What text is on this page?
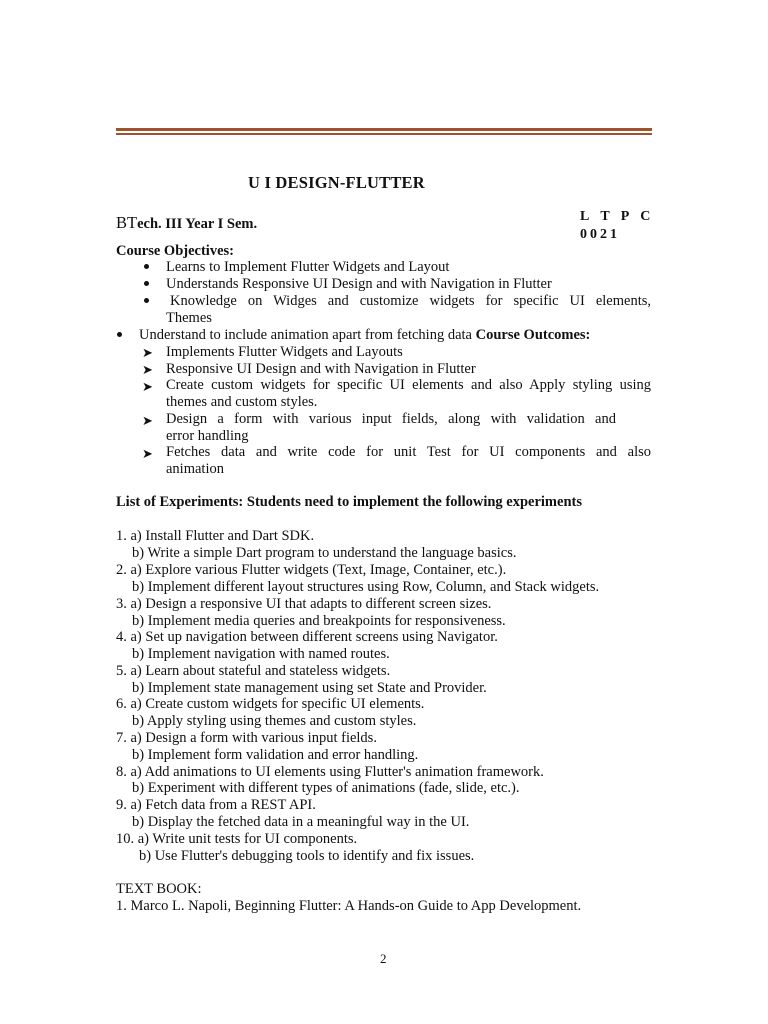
U I DESIGN-FLUTTER
BTech. III Year I Sem.	L T P C
0 0 2 1
Course Objectives:
Learns to Implement Flutter Widgets and Layout
Understands Responsive UI Design and with Navigation in Flutter
Knowledge on Widges and customize widgets for specific UI elements,
Themes
Understand to include animation apart from fetching data Course Outcomes:
➤ Implements Flutter Widgets and Layouts
➤ Responsive UI Design and with Navigation in Flutter
➤ Create custom widgets for specific UI elements and also Apply styling using
themes and custom styles.
➤ Design a form with various input fields, along with validation and
error handling
➤ Fetches data and write code for unit Test for UI components and also
animation
List of Experiments: Students need to implement the following experiments
1. a) Install Flutter and Dart SDK.
b) Write a simple Dart program to understand the language basics.
2. a) Explore various Flutter widgets (Text, Image, Container, etc.).
b) Implement different layout structures using Row, Column, and Stack widgets.
3. a) Design a responsive UI that adapts to different screen sizes.
b) Implement media queries and breakpoints for responsiveness.
4. a) Set up navigation between different screens using Navigator.
b) Implement navigation with named routes.
5. a) Learn about stateful and stateless widgets.
b) Implement state management using set State and Provider.
6. a) Create custom widgets for specific UI elements.
b) Apply styling using themes and custom styles.
7. a) Design a form with various input fields.
b) Implement form validation and error handling.
8. a) Add animations to UI elements using Flutter's animation framework.
b) Experiment with different types of animations (fade, slide, etc.).
9. a) Fetch data from a REST API.
b) Display the fetched data in a meaningful way in the UI.
10. a) Write unit tests for UI components.
b) Use Flutter's debugging tools to identify and fix issues.
TEXT BOOK:
1. Marco L. Napoli, Beginning Flutter: A Hands-on Guide to App Development.
2
